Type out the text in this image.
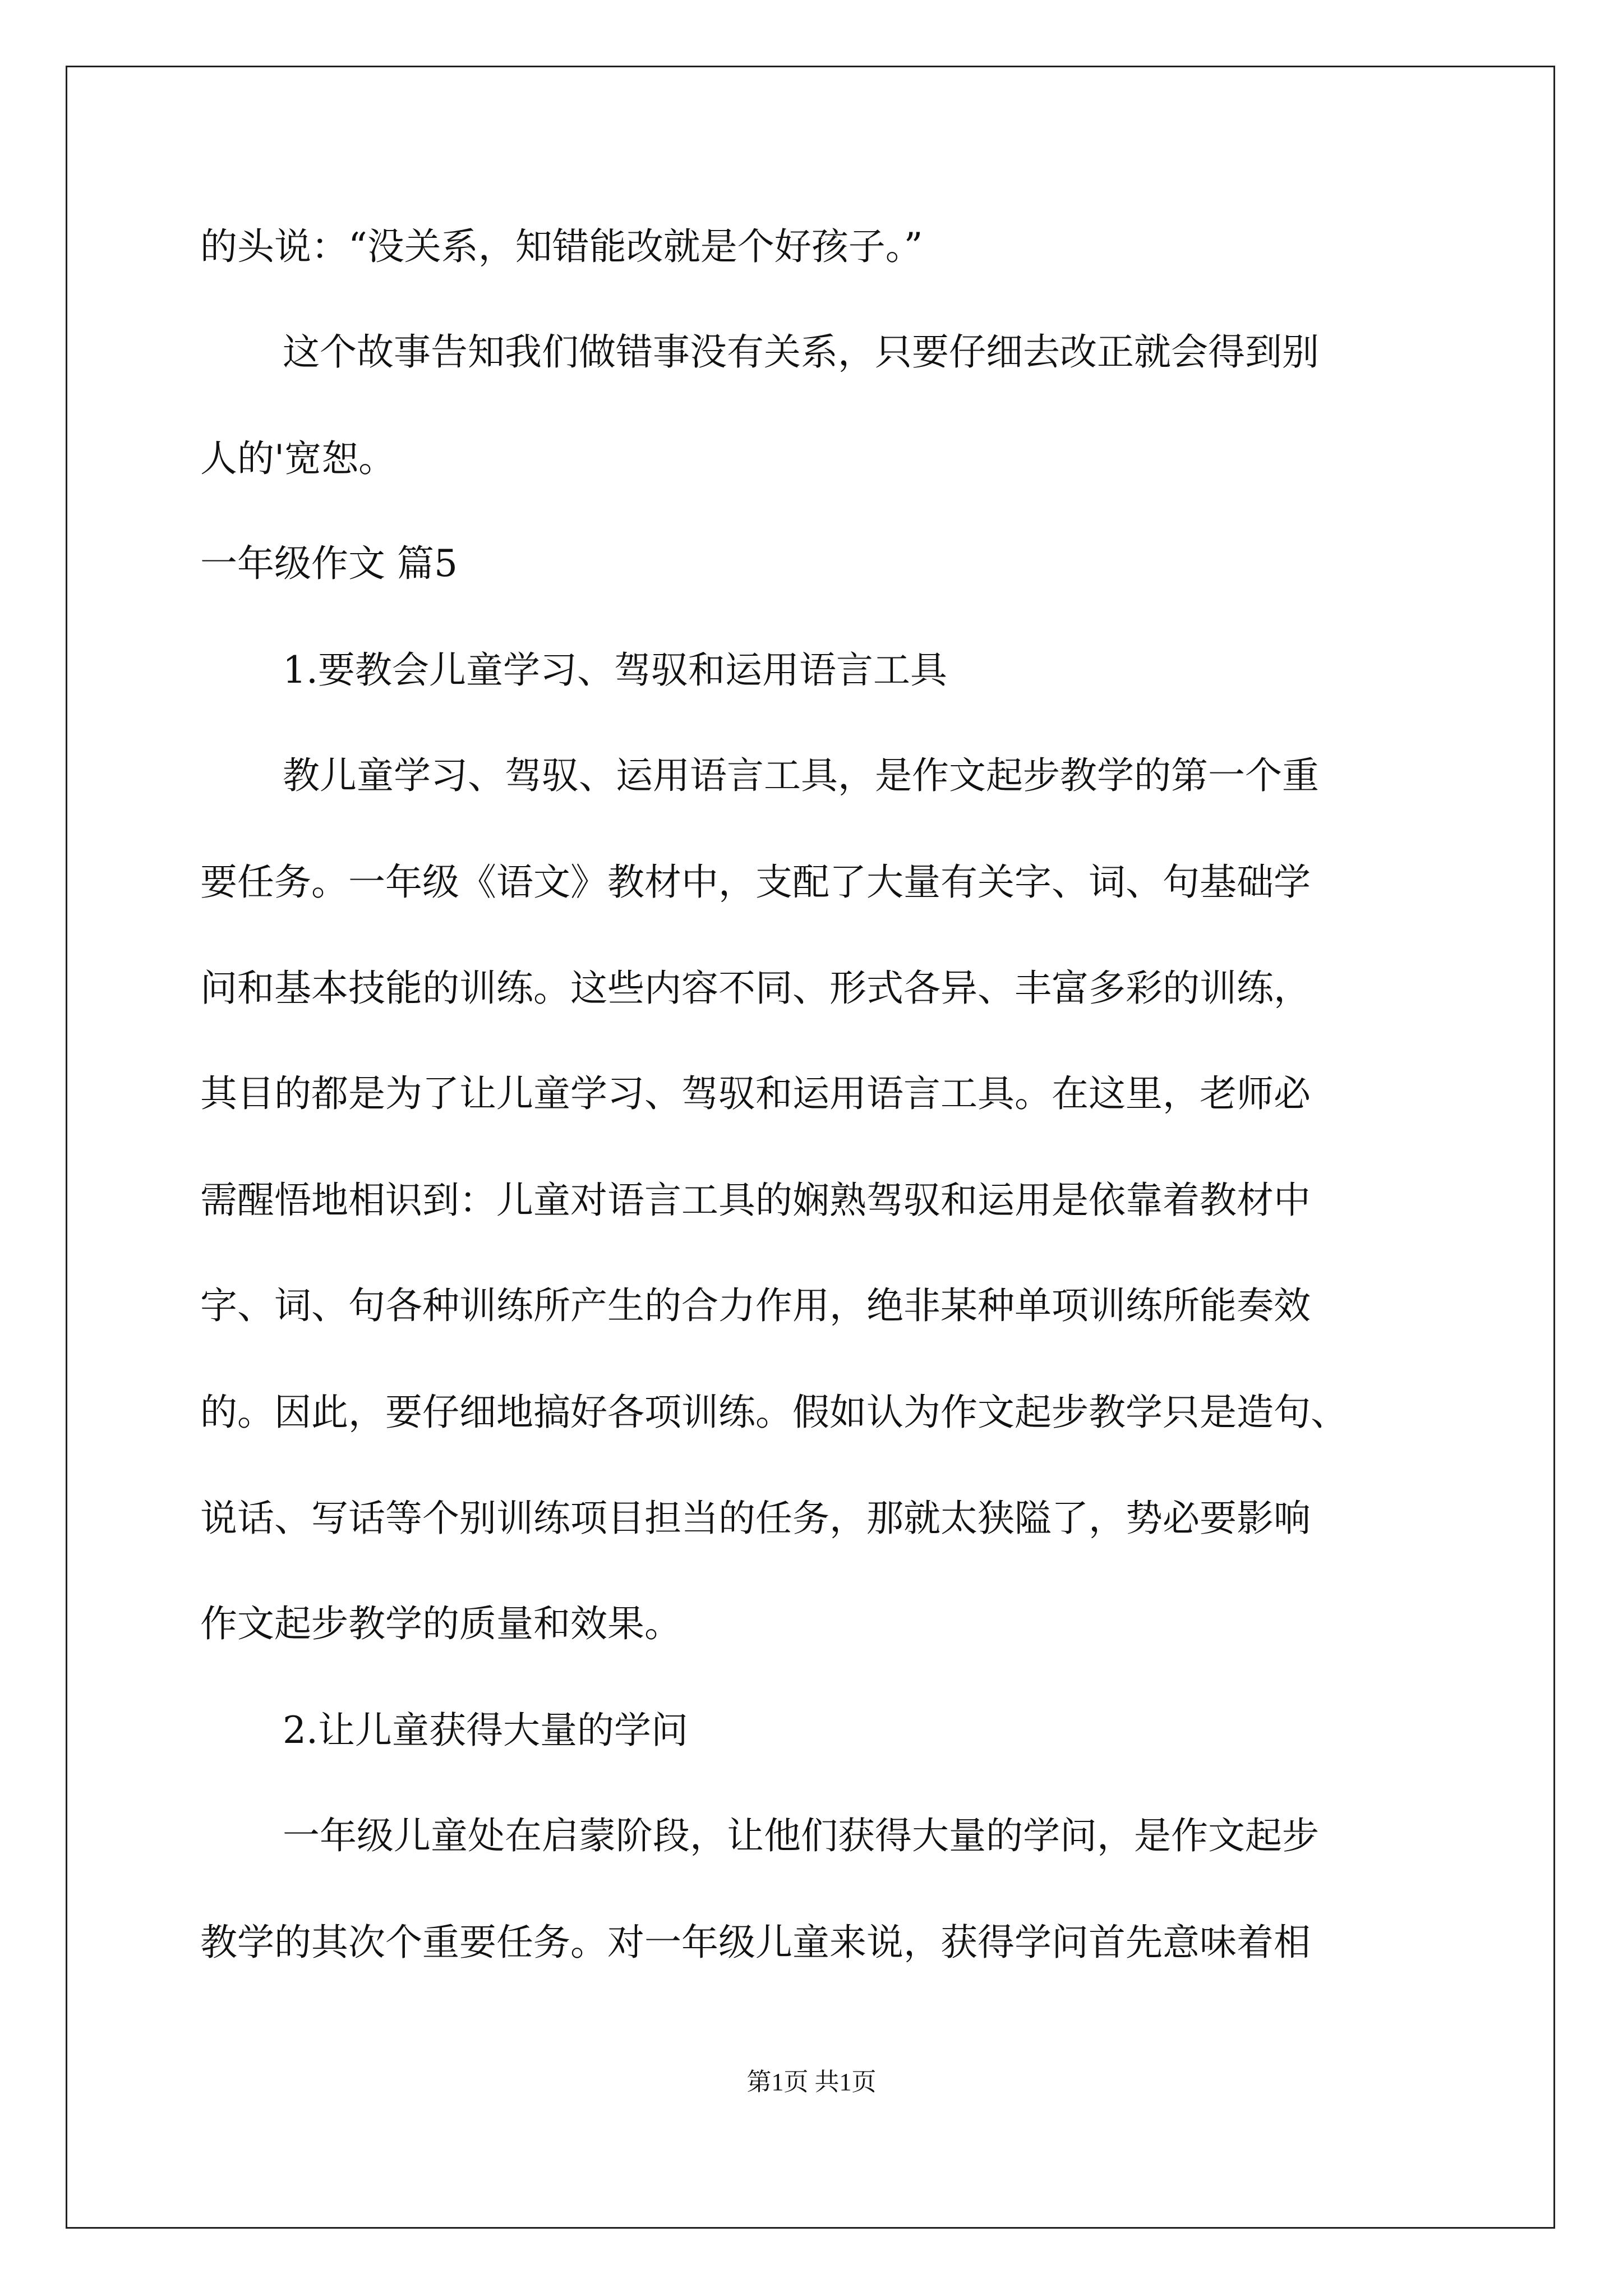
的头说：“没关系，知错能改就是个好孩子。”
这个故事告知我们做错事没有关系，只要仔细去改正就会得到别
人的'宽恕。
一年级作文 篇5
1.要教会儿童学习、驾驭和运用语言工具
教儿童学习、驾驭、运用语言工具，是作文起步教学的第一个重
要任务。一年级《语文》教材中，支配了大量有关字、词、句基础学
问和基本技能的训练。这些内容不同、形式各异、丰富多彩的训练，
其目的都是为了让儿童学习、驾驭和运用语言工具。在这里，老师必
需醒悟地相识到：儿童对语言工具的娴熟驾驭和运用是依靠着教材中
字、词、句各种训练所产生的合力作用，绝非某种单项训练所能奏效
的。因此，要仔细地搞好各项训练。假如认为作文起步教学只是造句、
说话、写话等个别训练项目担当的任务，那就太狭隘了，势必要影响
作文起步教学的质量和效果。
2.让儿童获得大量的学问
一年级儿童处在启蒙阶段，让他们获得大量的学问，是作文起步
教学的其次个重要任务。对一年级儿童来说，获得学问首先意味着相
第1页 共1页
